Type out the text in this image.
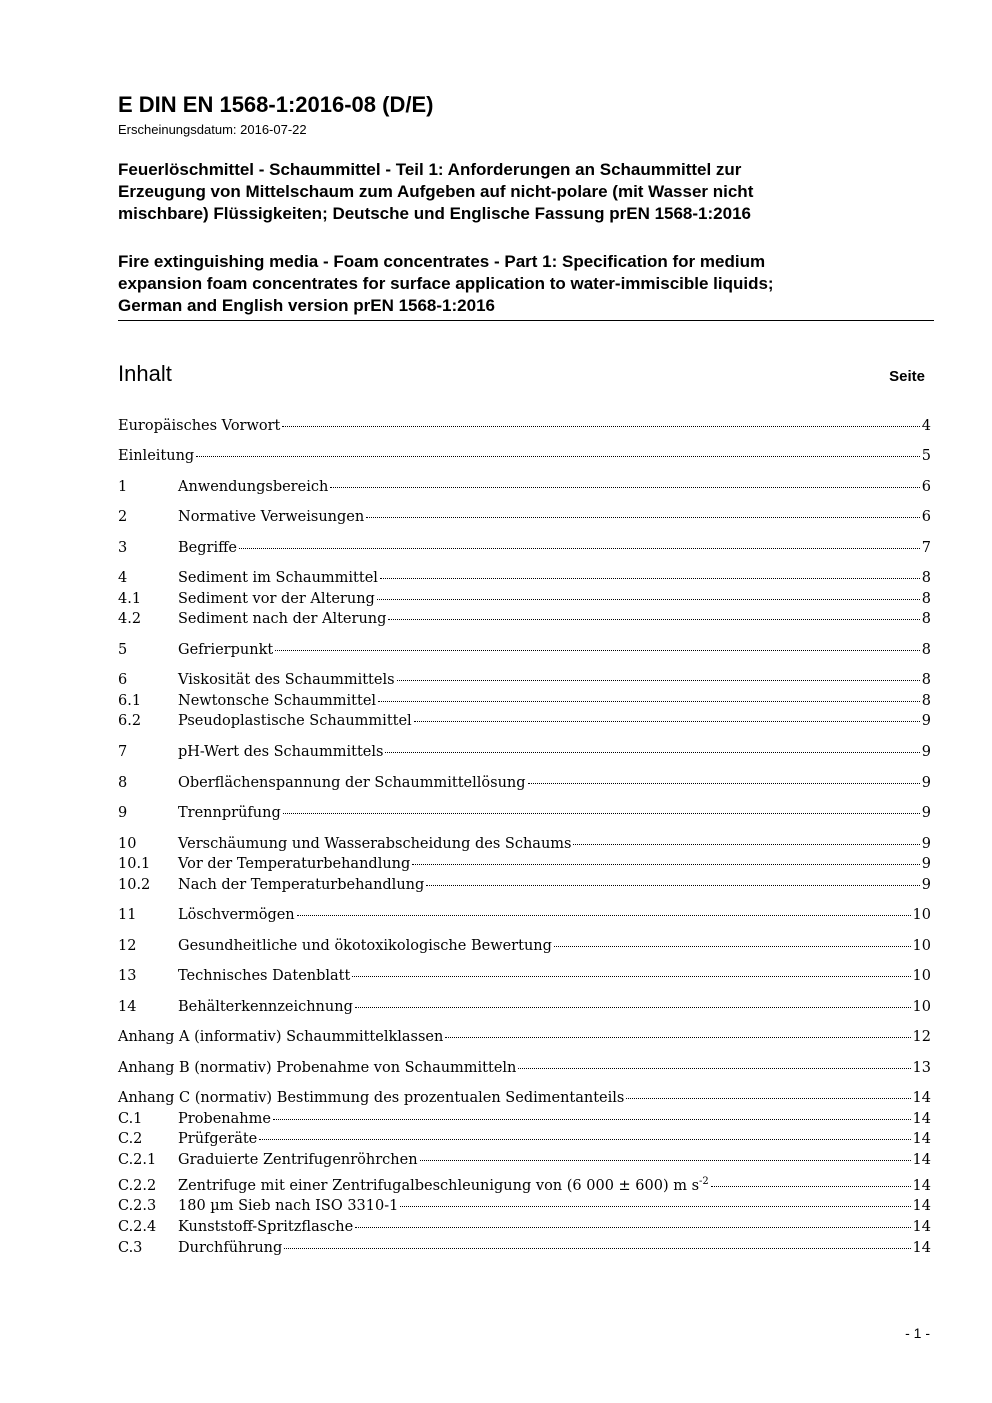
E DIN EN 1568-1:2016-08 (D/E)
Erscheinungsdatum: 2016-07-22
Feuerlöschmittel - Schaummittel - Teil 1: Anforderungen an Schaummittel zur
Erzeugung von Mittelschaum zum Aufgeben auf nicht-polare (mit Wasser nicht
mischbare) Flüssigkeiten; Deutsche und Englische Fassung prEN 1568-1:2016
Fire extinguishing media - Foam concentrates - Part 1: Specification for medium
expansion foam concentrates for surface application to water-immiscible liquids;
German and English version prEN 1568-1:2016
Inhalt	Seite
Europäisches Vorwort	4
Einleitung	5
1	Anwendungsbereich	6
2	Normative Verweisungen	6
3	Begriffe	7
4	Sediment im Schaummittel	8
4.1	Sediment vor der Alterung	8
4.2	Sediment nach der Alterung	8
5	Gefrierpunkt	8
6	Viskosität des Schaummittels	8
6.1	Newtonsche Schaummittel	8
6.2	Pseudoplastische Schaummittel	9
7	pH-Wert des Schaummittels	9
8	Oberflächenspannung der Schaummittellösung	9
9	Trennprüfung	9
10	Verschäumung und Wasserabscheidung des Schaums	9
10.1	Vor der Temperaturbehandlung	9
10.2	Nach der Temperaturbehandlung	9
11	Löschvermögen	10
12	Gesundheitliche und ökotoxikologische Bewertung	10
13	Technisches Datenblatt	10
14	Behälterkennzeichnung	10
Anhang A (informativ) Schaummittelklassen	12
Anhang B (normativ) Probenahme von Schaummitteln	13
Anhang C (normativ) Bestimmung des prozentualen Sedimentanteils	14
C.1	Probenahme	14
C.2	Prüfgeräte	14
C.2.1	Graduierte Zentrifugenröhrchen	14
C.2.2	Zentrifuge mit einer Zentrifugalbeschleunigung von (6 000 ± 600) m $s^{-2}$	14
C.2.3	180 µm Sieb nach ISO 3310-1	14
C.2.4	Kunststoff-Spritzflasche	14
C.3	Durchführung	14
- 1 -
